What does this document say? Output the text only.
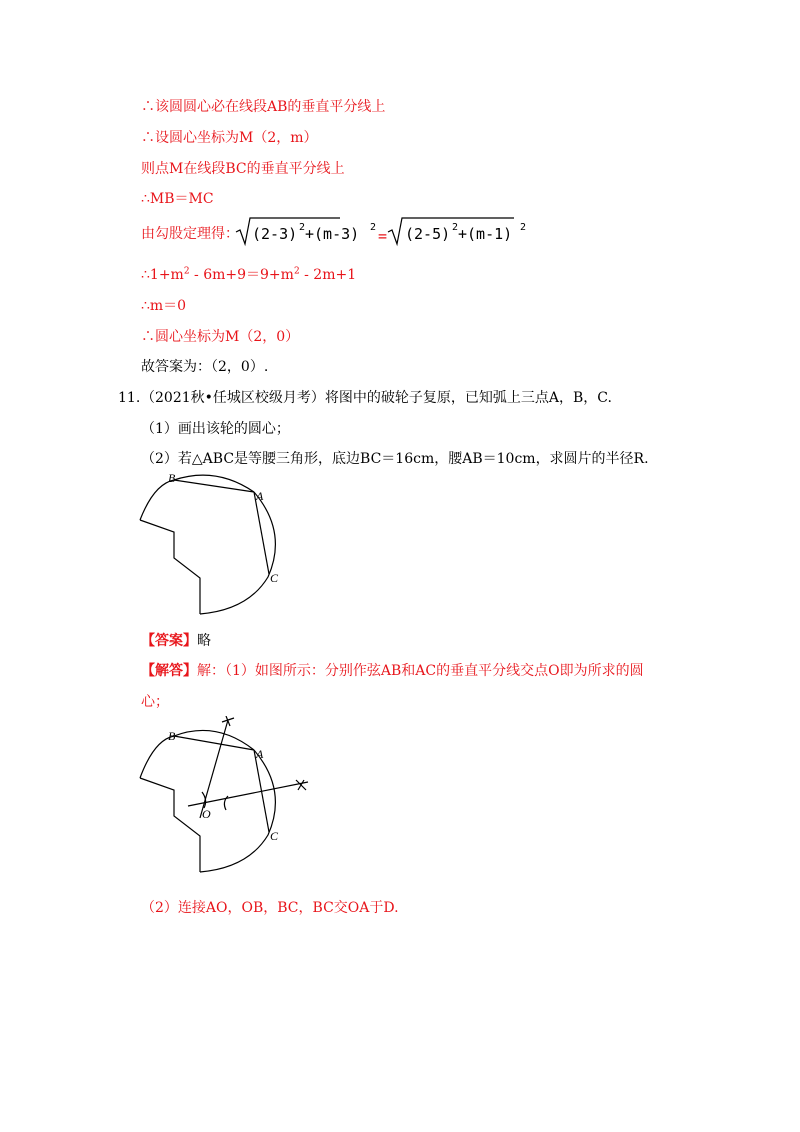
∴该圆圆心必在线段AB的垂直平分线上
∴设圆心坐标为M（2，m）
则点M在线段BC的垂直平分线上
∴MB＝MC
由勾股定理得： (2-3) 2 +(m-3) 2 = (2-5) 2 +(m-1) 2
$\therefore 1+m^2 - 6m+9=9+m^2 - 2m+1$
∴m＝0
∴圆心坐标为M（2，0）
故答案为：（2，0）.
11. （2021秋•任城区校级月考）将图中的破轮子复原，已知弧上三点A，B，C.
（1）画出该轮的圆心；
（2）若△ABC是等腰三角形，底边BC＝16cm，腰AB＝10cm，求圆片的半径R.
B
A
C
【答案】略
【解答】解：（1）如图所示：分别作弦AB和AC的垂直平分线交点O即为所求的圆
心；
B
A
C
O
（2）连接AO，OB，BC，BC交OA于D.
